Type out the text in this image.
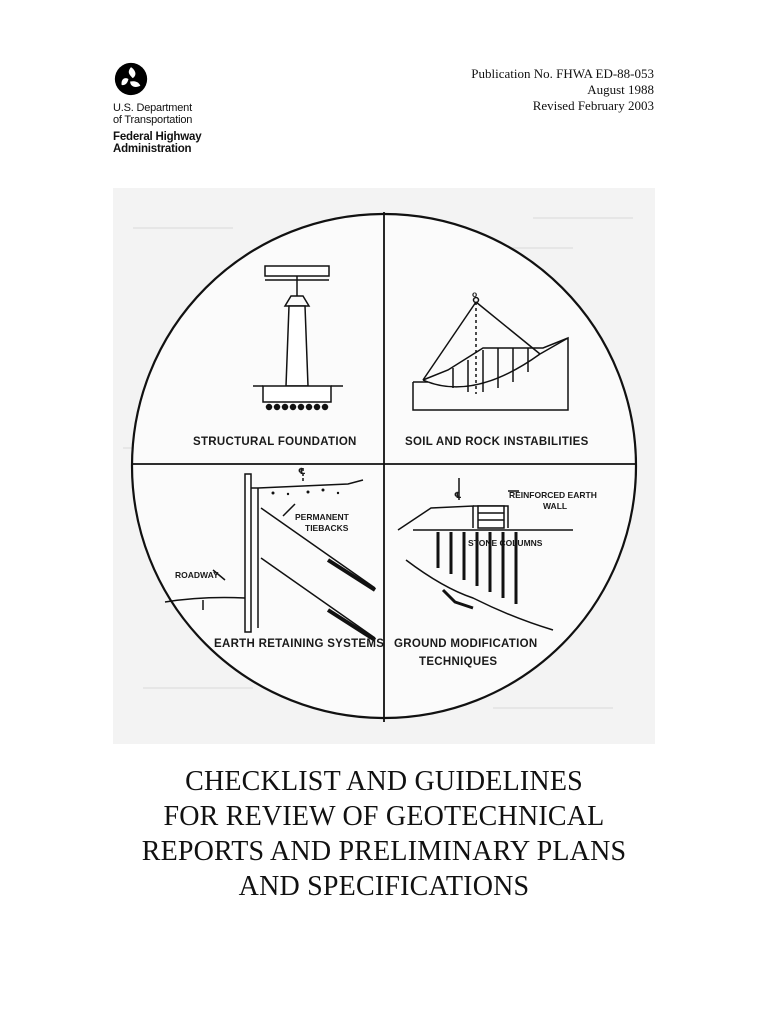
U.S. Department
of Transportation
Federal Highway
Administration
Publication No. FHWA ED-88-053
August 1988
Revised February 2003
STRUCTURAL FOUNDATION
o
SOIL AND ROCK INSTABILITIES
℄
PERMANENT
TIEBACKS
ROADWAY
EARTH RETAINING SYSTEMS
℄	REINFORCED EARTH
WALL
STONE COLUMNS
GROUND MODIFICATION
TECHNIQUES
CHECKLIST AND GUIDELINES
FOR REVIEW OF GEOTECHNICAL
REPORTS AND PRELIMINARY PLANS
AND SPECIFICATIONS
